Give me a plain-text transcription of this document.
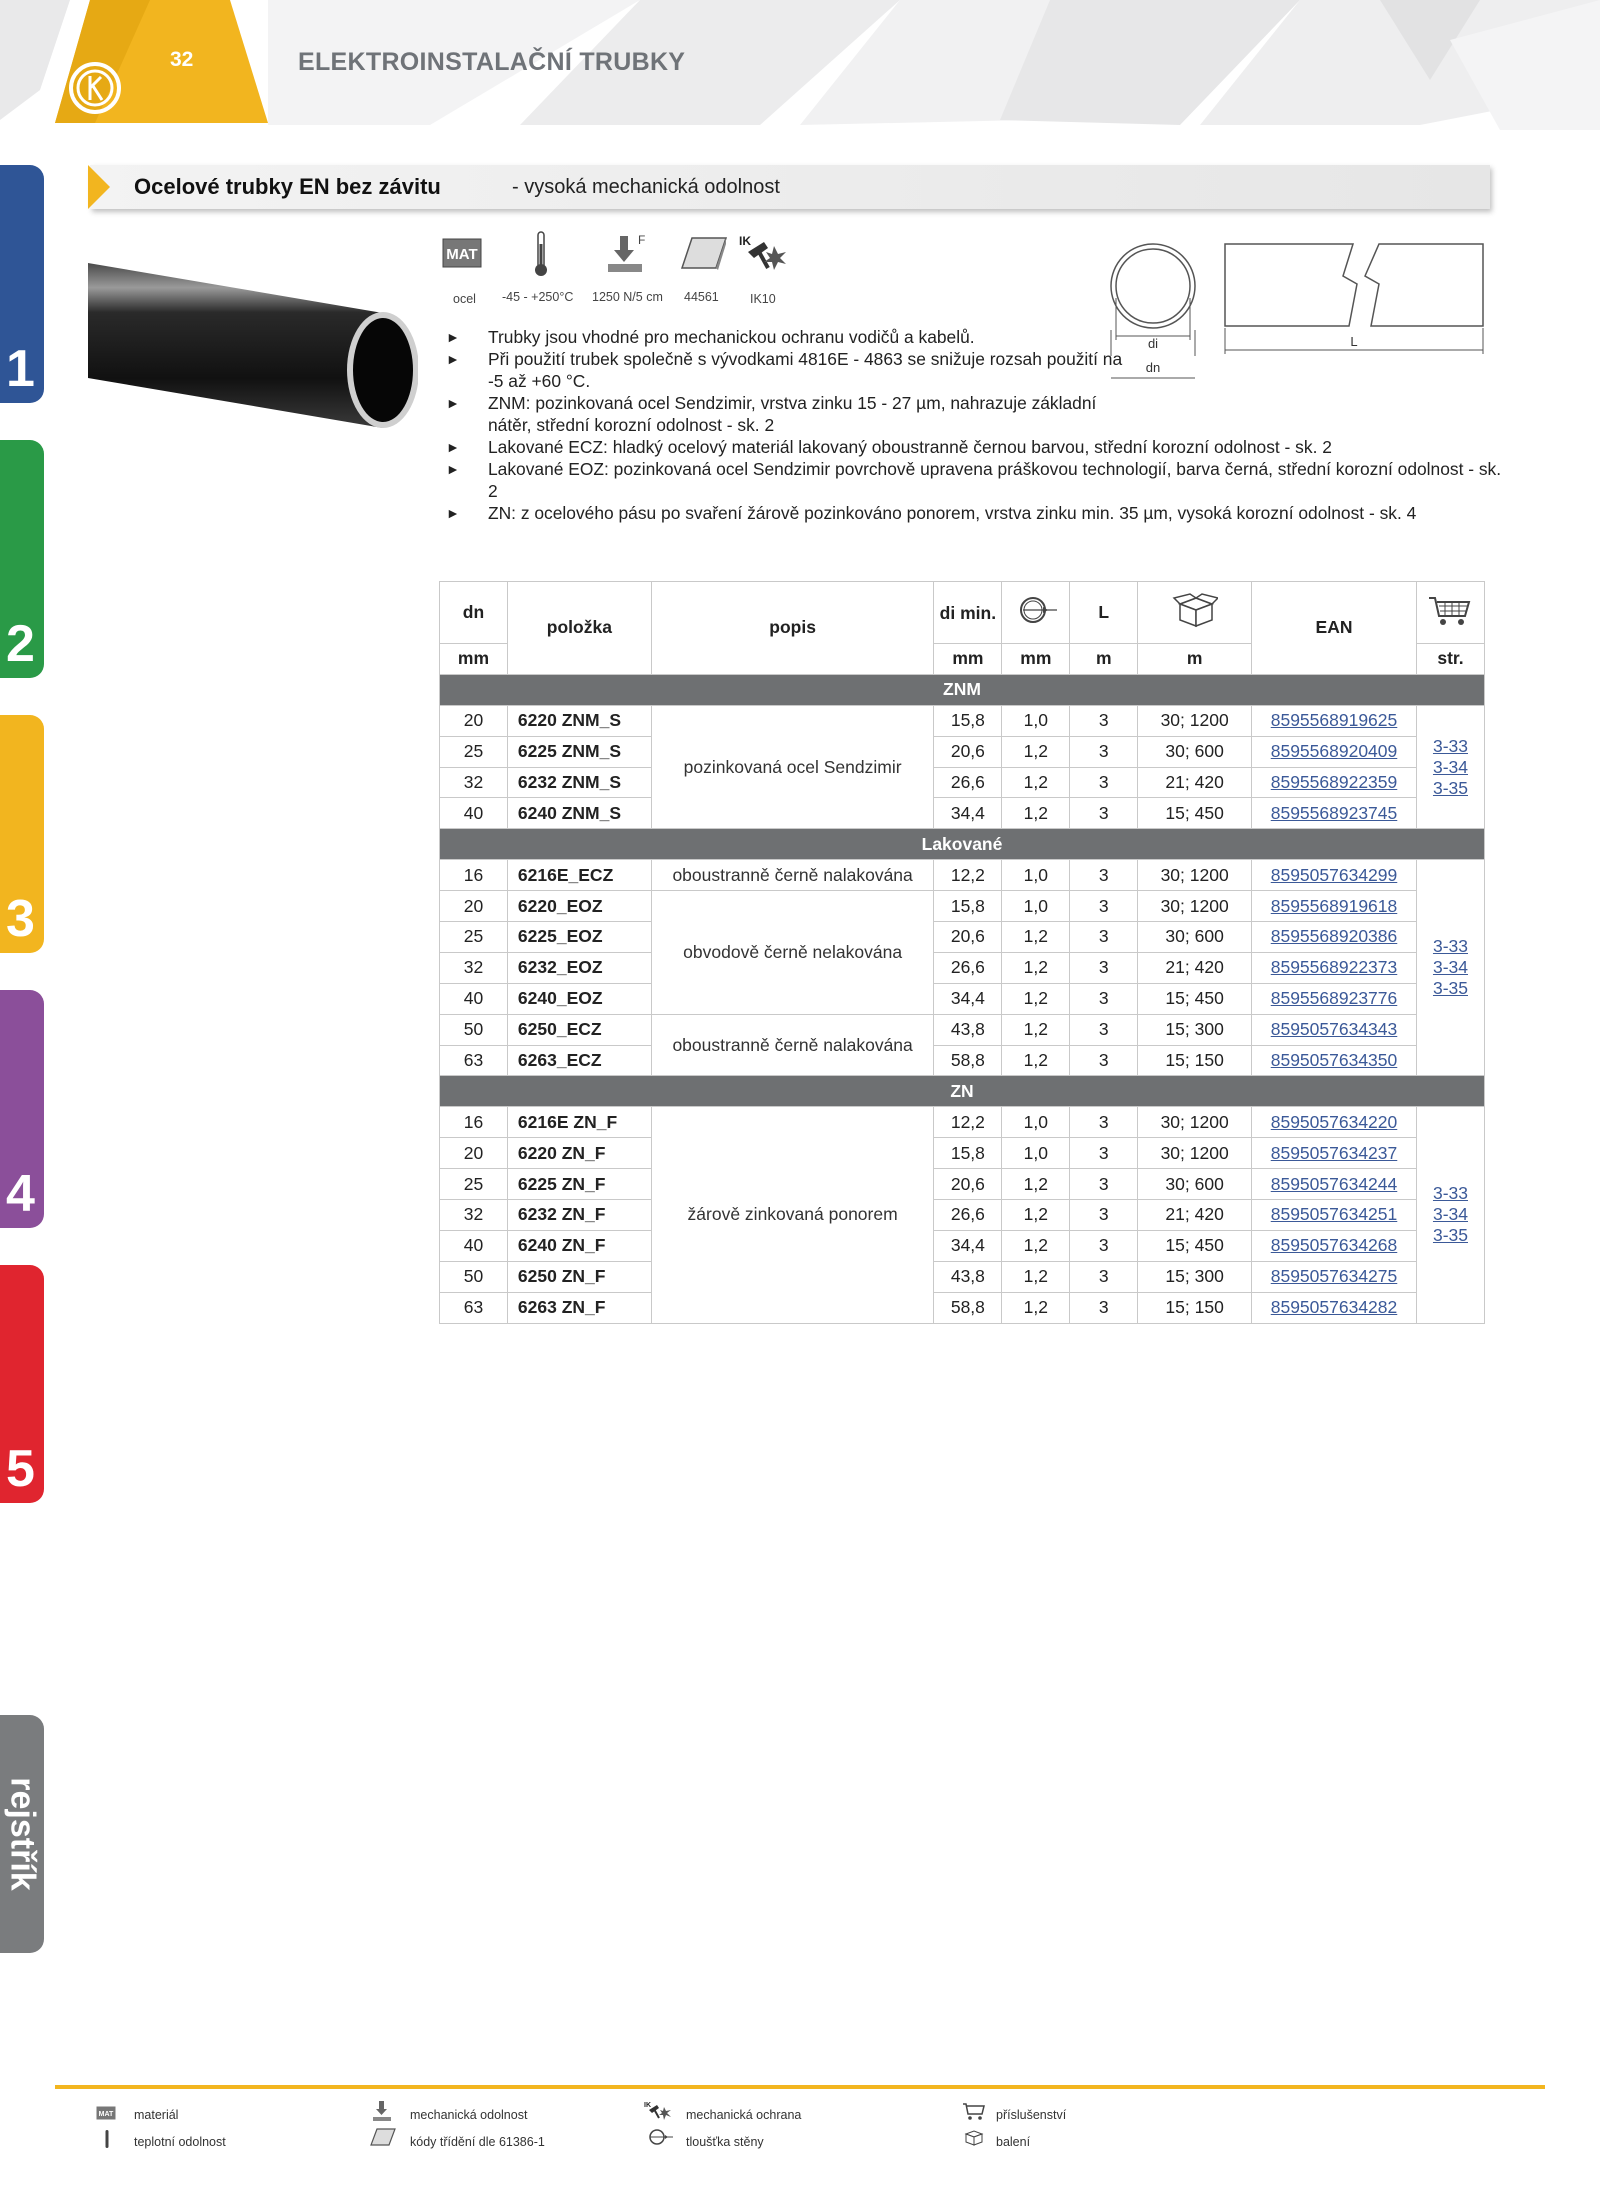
32	ELEKTROINSTALAČNÍ TRUBKY
1
2
3
4
5
rejstřík
Ocelové trubky EN bez závitu	- vysoká mechanická odolnost
MAT
ocel -45 - +250°C
F
1250 N/5 cm 44561
IK
IK10
di
dn
L
► Trubky jsou vhodné pro mechanickou ochranu vodičů a kabelů.
► Při použití trubek společně s vývodkami 4816E - 4863 se snižuje rozsah použití na -5 až +60 °C.
► ZNM: pozinkovaná ocel Sendzimir, vrstva zinku 15 - 27 µm, nahrazuje základní nátěr, střední korozní odolnost - sk. 2
► Lakované ECZ: hladký ocelový materiál lakovaný oboustranně černou barvou, střední korozní odolnost - sk. 2
► Lakované EOZ: pozinkovaná ocel Sendzimir povrchově upravena práškovou technologií, barva černá, střední korozní odolnost - sk. 2
► ZN: z ocelového pásu po svaření žárově pozinkováno ponorem, vrstva zinku min. 35 µm, vysoká korozní odolnost - sk. 4
dn	položka	popis	di min.		L		EAN	
mm			mm	mm	m	m		str.
ZNM								
20	6220 ZNM_S	pozinkovaná ocel Sendzimir	15,8	1,0	3	30; 1200	8595568919625	3-33
3-34
3-35
25	6225 ZNM_S		20,6	1,2	3	30; 600	8595568920409	
32	6232 ZNM_S		26,6	1,2	3	21; 420	8595568922359	
40	6240 ZNM_S		34,4	1,2	3	15; 450	8595568923745	
Lakované								
16	6216E_ECZ	oboustranně černě nalakována	12,2	1,0	3	30; 1200	8595057634299	3-33
3-34
3-35
20	6220_EOZ	obvodově černě nelakována	15,8	1,0	3	30; 1200	8595568919618	
25	6225_EOZ		20,6	1,2	3	30; 600	8595568920386	
32	6232_EOZ		26,6	1,2	3	21; 420	8595568922373	
40	6240_EOZ		34,4	1,2	3	15; 450	8595568923776	
50	6250_ECZ	oboustranně černě nalakována	43,8	1,2	3	15; 300	8595057634343	
63	6263_ECZ		58,8	1,2	3	15; 150	8595057634350	
ZN								
16	6216E ZN_F	žárově zinkovaná ponorem	12,2	1,0	3	30; 1200	8595057634220	3-33
3-34
3-35
20	6220 ZN_F		15,8	1,0	3	30; 1200	8595057634237	
25	6225 ZN_F		20,6	1,2	3	30; 600	8595057634244	
32	6232 ZN_F		26,6	1,2	3	21; 420	8595057634251	
40	6240 ZN_F		34,4	1,2	3	15; 450	8595057634268	
50	6250 ZN_F		43,8	1,2	3	15; 300	8595057634275	
63	6263 ZN_F		58,8	1,2	3	15; 150	8595057634282	
MAT materiál
teplotní odolnost
mechanická odolnost
kódy třídění dle 61386-1
IK
mechanická ochrana
tloušťka stěny
příslušenství
balení
